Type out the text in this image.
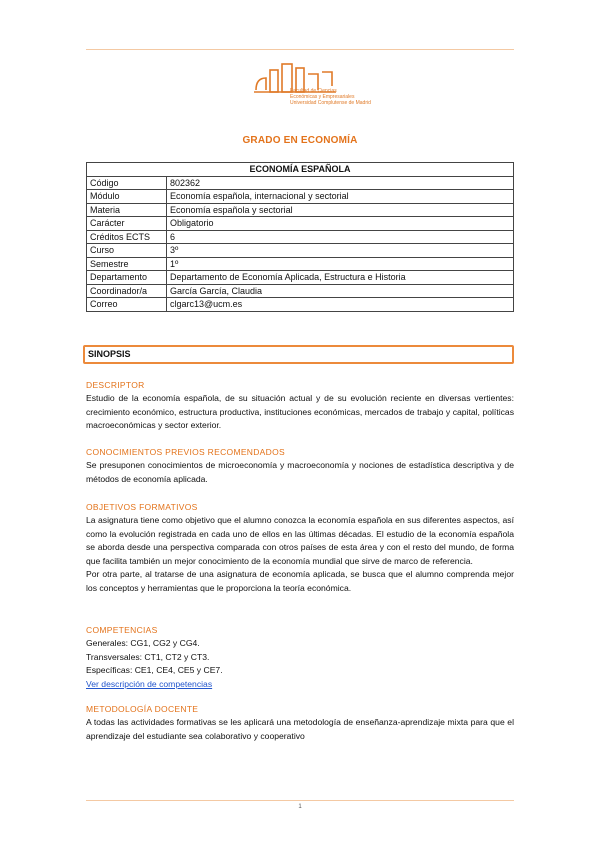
Facultad de Ciencias
Económicas y Empresariales
Universidad Complutense de Madrid
GRADO EN ECONOMÍA
ECONOMÍA ESPAÑOLA	
Código	802362
Módulo	Economía española, internacional y sectorial
Materia	Economía española y sectorial
Carácter	Obligatorio
Créditos ECTS	6
Curso	3º
Semestre	1º
Departamento	Departamento de Economía Aplicada, Estructura e Historia
Coordinador/a	García García, Claudia
Correo	clgarc13@ucm.es
SINOPSIS
DESCRIPTOR

Estudio de la economía española, de su situación actual y de su evolución reciente en diversas vertientes: crecimiento económico, estructura productiva, instituciones económicas, mercados de trabajo y capital, políticas macroeconómicas y sector exterior.

CONOCIMIENTOS PREVIOS RECOMENDADOS

Se presuponen conocimientos de microeconomía y macroeconomía y nociones de estadística descriptiva y de métodos de economía aplicada.

OBJETIVOS FORMATIVOS

La asignatura tiene como objetivo que el alumno conozca la economía española en sus diferentes aspectos, así como la evolución registrada en cada uno de ellos en las últimas décadas. El estudio de la economía española se aborda desde una perspectiva comparada con otros países de esta área y con el resto del mundo, de forma que facilita también un mejor conocimiento de la economía mundial que sirve de marco de referencia.

Por otra parte, al tratarse de una asignatura de economía aplicada, se busca que el alumno comprenda mejor los conceptos y herramientas que le proporciona la teoría económica.

COMPETENCIAS
Generales: CG1, CG2 y CG4.
Transversales: CT1, CT2 y CT3.
Específicas: CE1, CE4, CE5 y CE7.
Ver descripción de competencias
METODOLOGÍA DOCENTE

A todas las actividades formativas se les aplicará una metodología de enseñanza-aprendizaje mixta para que el aprendizaje del estudiante sea colaborativo y cooperativo

1
